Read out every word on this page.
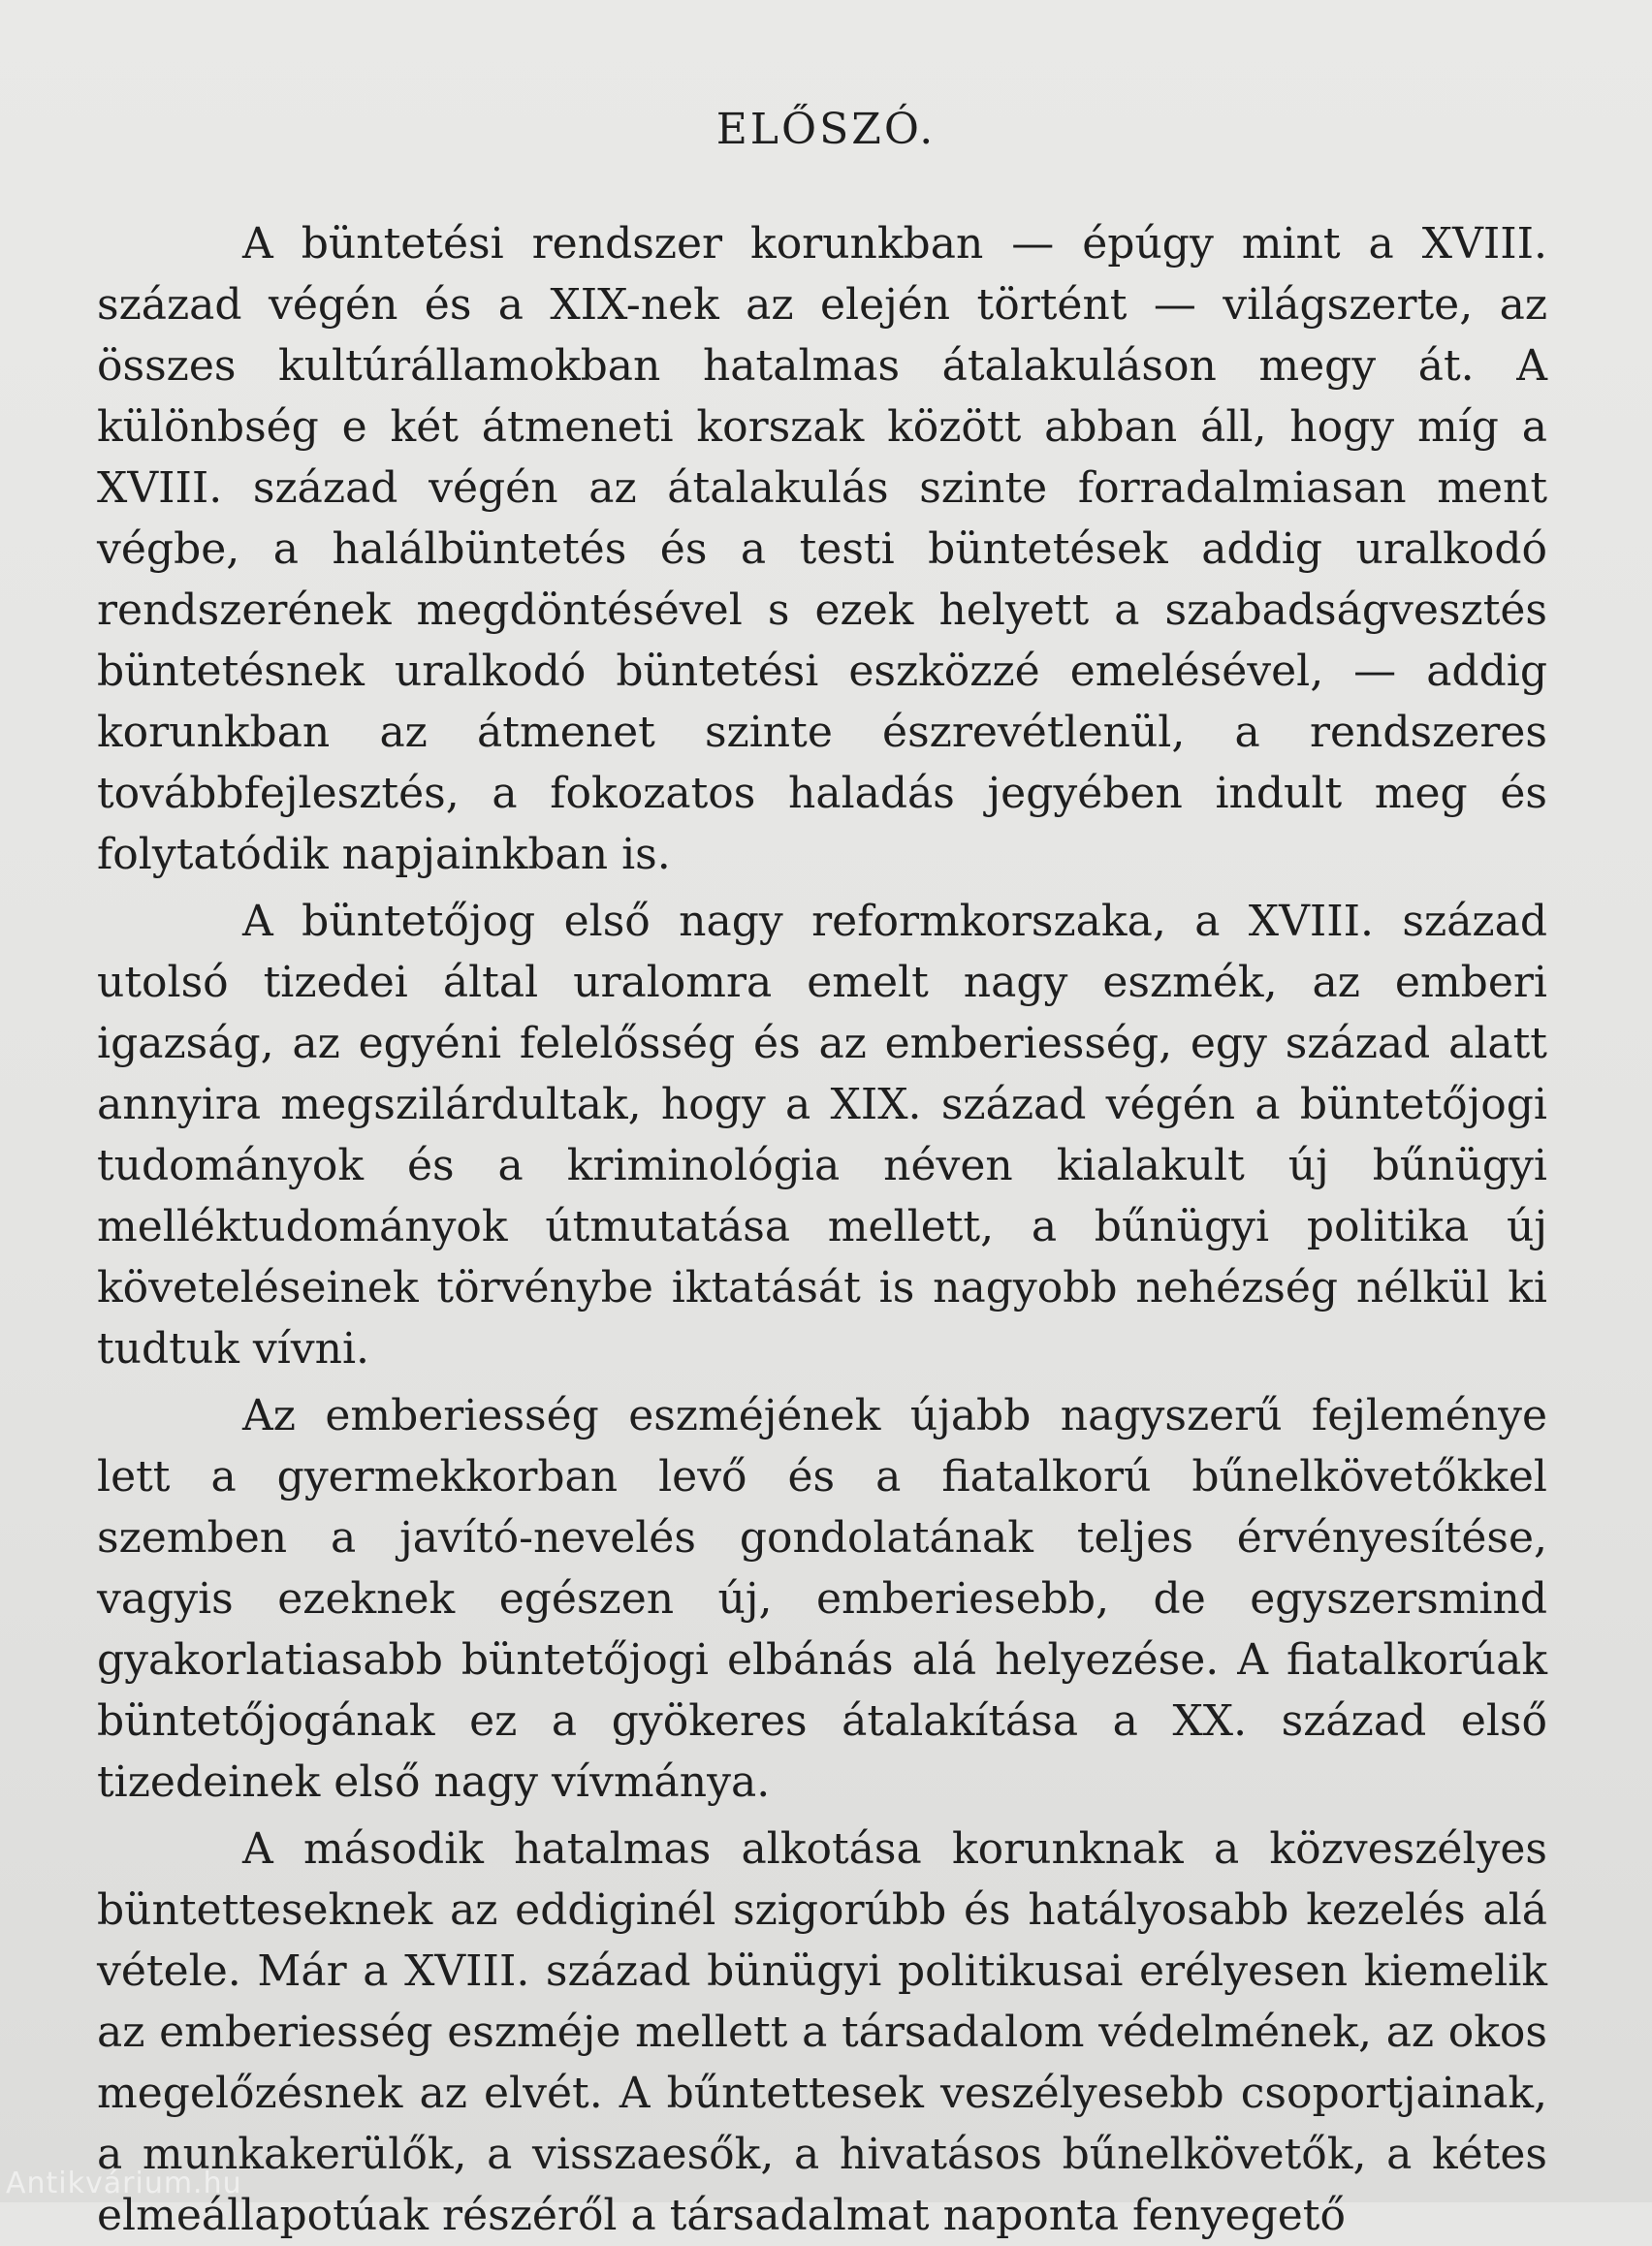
ELŐSZÓ.

A büntetési rendszer korunkban — épúgy mint a XVIII. század végén és a XIX-nek az elején történt — világszerte, az összes kultúrállamokban hatalmas átalakuláson megy át. A különbség e két átmeneti korszak között abban áll, hogy míg a XVIII. század végén az átalakulás szinte forradalmiasan ment végbe, a halálbüntetés és a testi büntetések addig uralkodó rendszerének megdöntésével s ezek helyett a szabadságvesztés büntetésnek uralkodó büntetési eszközzé emelésével, — addig korunkban az átmenet szinte észrevétlenül, a rendszeres továbbfejlesztés, a fokozatos haladás jegyében indult meg és folytatódik napjainkban is.

A büntetőjog első nagy reformkorszaka, a XVIII. század utolsó tizedei által uralomra emelt nagy eszmék, az emberi igazság, az egyéni felelősség és az emberiesség, egy század alatt annyira megszilárdultak, hogy a XIX. század végén a büntetőjogi tudományok és a kriminológia néven kialakult új bűnügyi melléktudományok útmutatása mellett, a bűnügyi politika új követeléseinek törvénybe iktatását is nagyobb nehézség nélkül ki tudtuk vívni.

Az emberiesség eszméjének újabb nagyszerű fejleménye lett a gyermekkorban levő és a fiatalkorú bűnelkövetőkkel szemben a javító-nevelés gondolatának teljes érvényesítése, vagyis ezeknek egészen új, emberiesebb, de egyszersmind gyakorlatiasabb büntetőjogi elbánás alá helyezése. A fiatalkorúak büntetőjogának ez a gyökeres átalakítása a XX. század első tizedeinek első nagy vívmánya.

A második hatalmas alkotása korunknak a közveszélyes büntetteseknek az eddiginél szigorúbb és hatályosabb kezelés alá vétele. Már a XVIII. század bünügyi politikusai erélyesen kiemelik az emberiesség eszméje mellett a társadalom védelmének, az okos megelőzésnek az elvét. A bűntettesek veszélyesebb csoportjainak, a munkakerülők, a visszaesők, a hivatásos bűnelkövetők, a kétes elmeállapotúak részéről a társadalmat naponta fenyegető

Antikvárium.hu
